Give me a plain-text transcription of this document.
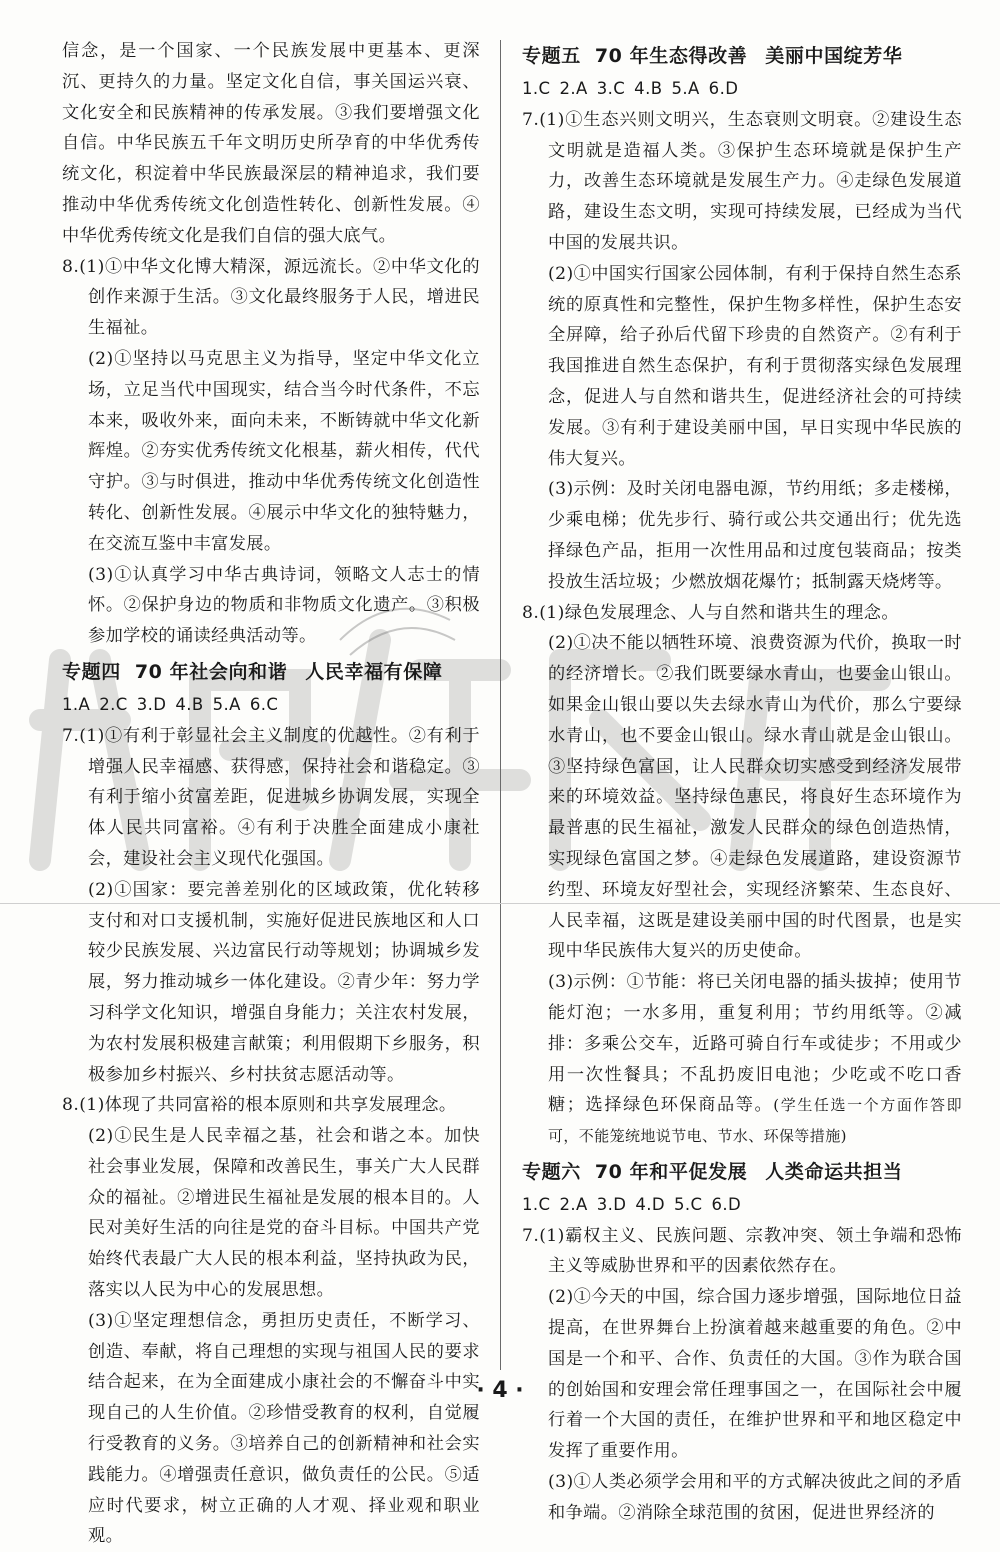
信念，是一个国家、一个民族发展中更基本、更深沉、更持久的力量。坚定文化自信，事关国运兴衰、文化安全和民族精神的传承发展。③我们要增强文化自信。中华民族五千年文明历史所孕育的中华优秀传统文化，积淀着中华民族最深层的精神追求，我们要推动中华优秀传统文化创造性转化、创新性发展。④中华优秀传统文化是我们自信的强大底气。

8.(1)①中华文化博大精深，源远流长。②中华文化的创作来源于生活。③文化最终服务于人民，增进民生福祉。

(2)①坚持以马克思主义为指导，坚定中华文化立场，立足当代中国现实，结合当今时代条件，不忘本来，吸收外来，面向未来，不断铸就中华文化新辉煌。②夯实优秀传统文化根基，薪火相传，代代守护。③与时俱进，推动中华优秀传统文化创造性转化、创新性发展。④展示中华文化的独特魅力，在交流互鉴中丰富发展。

(3)①认真学习中华古典诗词，领略文人志士的情怀。②保护身边的物质和非物质文化遗产。③积极参加学校的诵读经典活动等。

专题四 70 年社会向和谐 人民幸福有保障

1.A 2.C 3.D 4.B 5.A 6.C

7.(1)①有利于彰显社会主义制度的优越性。②有利于增强人民幸福感、获得感，保持社会和谐稳定。③有利于缩小贫富差距，促进城乡协调发展，实现全体人民共同富裕。④有利于决胜全面建成小康社会，建设社会主义现代化强国。

(2)①国家：要完善差别化的区域政策，优化转移支付和对口支援机制，实施好促进民族地区和人口较少民族发展、兴边富民行动等规划；协调城乡发展，努力推动城乡一体化建设。②青少年：努力学习科学文化知识，增强自身能力；关注农村发展，为农村发展积极建言献策；利用假期下乡服务，积极参加乡村振兴、乡村扶贫志愿活动等。

8.(1)体现了共同富裕的根本原则和共享发展理念。

(2)①民生是人民幸福之基，社会和谐之本。加快社会事业发展，保障和改善民生，事关广大人民群众的福祉。②增进民生福祉是发展的根本目的。人民对美好生活的向往是党的奋斗目标。中国共产党始终代表最广大人民的根本利益，坚持执政为民，落实以人民为中心的发展思想。

(3)①坚定理想信念，勇担历史责任，不断学习、创造、奉献，将自己理想的实现与祖国人民的要求结合起来，在为全面建成小康社会的不懈奋斗中实现自己的人生价值。②珍惜受教育的权利，自觉履行受教育的义务。③培养自己的创新精神和社会实践能力。④增强责任意识，做负责任的公民。⑤适应时代要求，树立正确的人才观、择业观和职业观。

专题五 70 年生态得改善 美丽中国绽芳华

1.C 2.A 3.C 4.B 5.A 6.D

7.(1)①生态兴则文明兴，生态衰则文明衰。②建设生态文明就是造福人类。③保护生态环境就是保护生产力，改善生态环境就是发展生产力。④走绿色发展道路，建设生态文明，实现可持续发展，已经成为当代中国的发展共识。

(2)①中国实行国家公园体制，有利于保持自然生态系统的原真性和完整性，保护生物多样性，保护生态安全屏障，给子孙后代留下珍贵的自然资产。②有利于我国推进自然生态保护，有利于贯彻落实绿色发展理念，促进人与自然和谐共生，促进经济社会的可持续发展。③有利于建设美丽中国，早日实现中华民族的伟大复兴。

(3)示例：及时关闭电器电源，节约用纸；多走楼梯，少乘电梯；优先步行、骑行或公共交通出行；优先选择绿色产品，拒用一次性用品和过度包装商品；按类投放生活垃圾；少燃放烟花爆竹；抵制露天烧烤等。

8.(1)绿色发展理念、人与自然和谐共生的理念。

(2)①决不能以牺牲环境、浪费资源为代价，换取一时的经济增长。②我们既要绿水青山，也要金山银山。如果金山银山要以失去绿水青山为代价，那么宁要绿水青山，也不要金山银山。绿水青山就是金山银山。③坚持绿色富国，让人民群众切实感受到经济发展带来的环境效益。坚持绿色惠民，将良好生态环境作为最普惠的民生福祉，激发人民群众的绿色创造热情，实现绿色富国之梦。④走绿色发展道路，建设资源节约型、环境友好型社会，实现经济繁荣、生态良好、人民幸福，这既是建设美丽中国的时代图景，也是实现中华民族伟大复兴的历史使命。

(3)示例：①节能：将已关闭电器的插头拔掉；使用节能灯泡；一水多用，重复利用；节约用纸等。②减排：多乘公交车，近路可骑自行车或徒步；不用或少用一次性餐具；不乱扔废旧电池；少吃或不吃口香糖；选择绿色环保商品等。(学生任选一个方面作答即可，不能笼统地说节电、节水、环保等措施)

专题六 70 年和平促发展 人类命运共担当

1.C 2.A 3.D 4.D 5.C 6.D

7.(1)霸权主义、民族问题、宗教冲突、领土争端和恐怖主义等威胁世界和平的因素依然存在。

(2)①今天的中国，综合国力逐步增强，国际地位日益提高，在世界舞台上扮演着越来越重要的角色。②中国是一个和平、合作、负责任的大国。③作为联合国的创始国和安理会常任理事国之一，在国际社会中履行着一个大国的责任，在维护世界和平和地区稳定中发挥了重要作用。

(3)①人类必须学会用和平的方式解决彼此之间的矛盾和争端。②消除全球范围的贫困，促进世界经济的

· 4 ·
